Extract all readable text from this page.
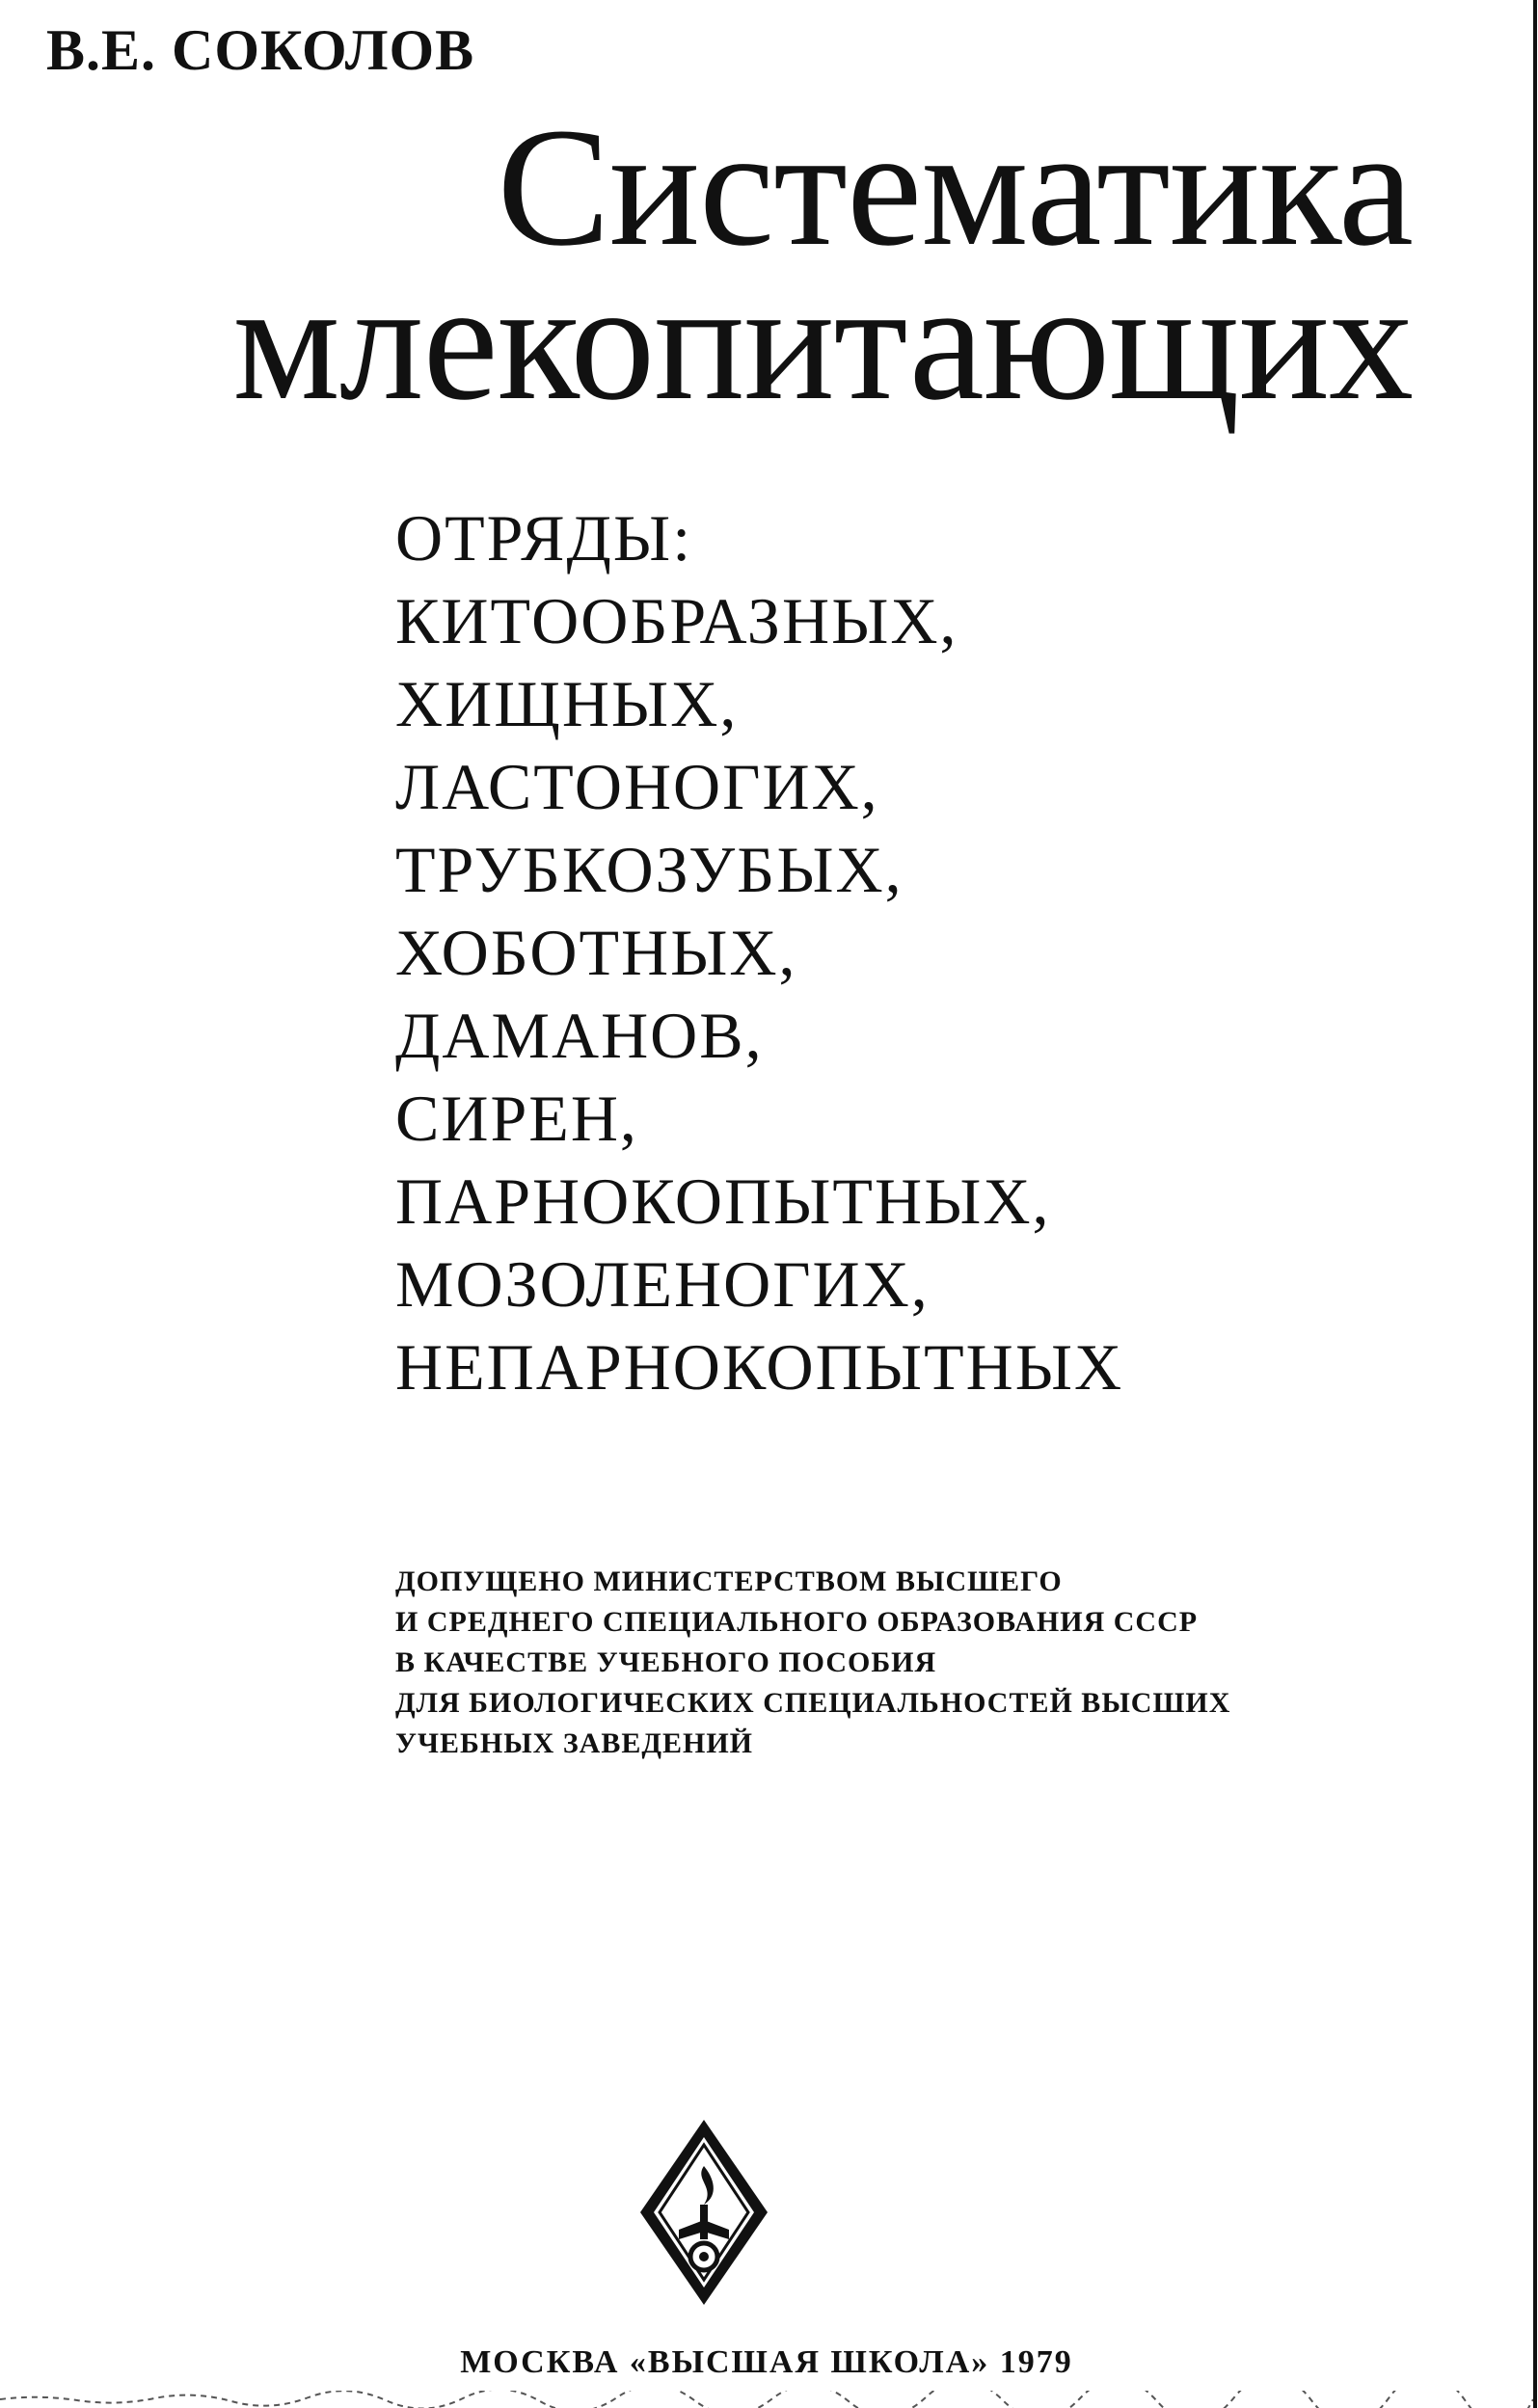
В.Е. СОКОЛОВ
Систематика
млекопитающих
ОТРЯДЫ:
КИТООБРАЗНЫХ,
ХИЩНЫХ,
ЛАСТОНОГИХ,
ТРУБКОЗУБЫХ,
ХОБОТНЫХ,
ДАМАНОВ,
СИРЕН,
ПАРНОКОПЫТНЫХ,
МОЗОЛЕНОГИХ,
НЕПАРНОКОПЫТНЫХ
ДОПУЩЕНО МИНИСТЕРСТВОМ ВЫСШЕГО
И СРЕДНЕГО СПЕЦИАЛЬНОГО ОБРАЗОВАНИЯ СССР
В КАЧЕСТВЕ УЧЕБНОГО ПОСОБИЯ
ДЛЯ БИОЛОГИЧЕСКИХ СПЕЦИАЛЬНОСТЕЙ ВЫСШИХ
УЧЕБНЫХ ЗАВЕДЕНИЙ
МОСКВА «ВЫСШАЯ ШКОЛА» 1979
